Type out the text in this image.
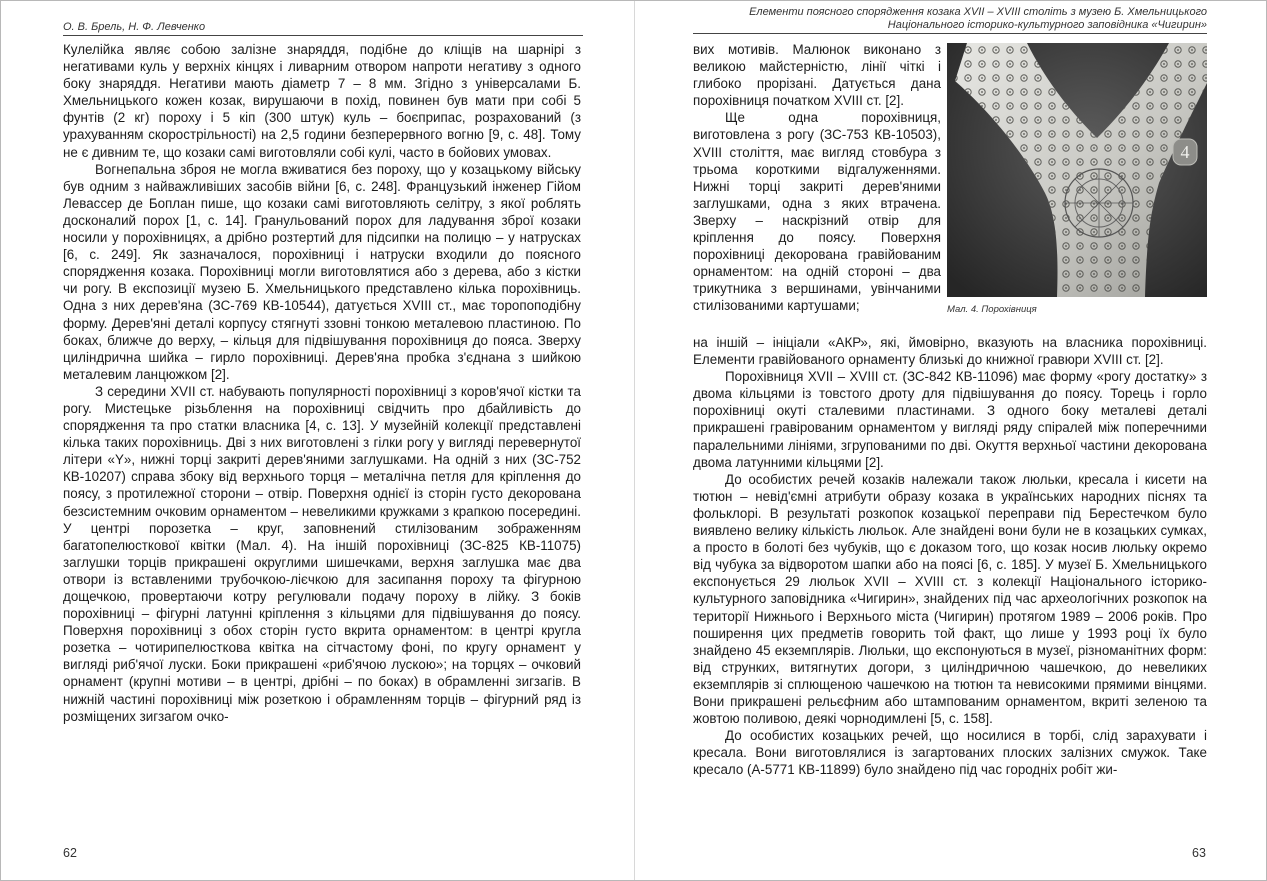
О. В. Брель, Н. Ф. Левченко

Кулелійка являє собою залізне знаряддя, подібне до кліщів на шарнірі з негативами куль у верхніх кінцях і ливарним отвором напроти негативу з одного боку знаряддя. Негативи мають діаметр 7 – 8 мм. Згідно з універсалами Б. Хмельницького кожен козак, вирушаючи в похід, повинен був мати при собі 5 фунтів (2 кг) пороху і 5 кіп (300 штук) куль – боєприпас, розрахований (з урахуванням скорострільності) на 2,5 години безперервного вогню [9, с. 48]. Тому не є дивним те, що козаки самі виготовляли собі кулі, часто в бойових умовах.

Вогнепальна зброя не могла вживатися без пороху, що у козацькому війську був одним з найважливіших засобів війни [6, с. 248]. Французький інженер Гійом Левассер де Боплан пише, що козаки самі виготовляють селітру, з якої роблять досконалий порох [1, с. 14]. Гранульований порох для ладування зброї козаки носили у порохівницях, а дрібно розтертий для підсипки на полицю – у натрусках [6, с. 249]. Як зазначалося, порохівниці і натруски входили до поясного спорядження козака. Порохівниці могли виготовлятися або з дерева, або з кістки чи рогу. В експозиції музею Б. Хмельницького представлено кілька порохівниць. Одна з них дерев'яна (ЗС-769 КВ-10544), датується XVIII ст., має торопоподібну форму. Дерев'яні деталі корпусу стягнуті ззовні тонкою металевою пластиною. По боках, ближче до верху, – кільця для підвішування порохівниця до пояса. Зверху циліндрична шийка – гирло порохівниці. Дерев'яна пробка з'єднана з шийкою металевим ланцюжком [2].

З середини XVII ст. набувають популярності порохівниці з коров'ячої кістки та рогу. Мистецьке різьблення на порохівниці свідчить про дбайливість до спорядження та про статки власника [4, с. 13]. У музейній колекції представлені кілька таких порохівниць. Дві з них виготовлені з гілки рогу у вигляді перевернутої літери «Y», нижні торці закриті дерев'яними заглушками. На одній з них (ЗС-752 КВ-10207) справа збоку від верхнього торця – металічна петля для кріплення до поясу, з протилежної сторони – отвір. Поверхня однієї із сторін густо декорована безсистемним очковим орнаментом – невеликими кружками з крапкою посередині. У центрі порозетка – круг, заповнений стилізованим зображенням багатопелюсткової квітки (Мал. 4). На іншій порохівниці (ЗС-825 КВ-11075) заглушки торців прикрашені округлими шишечками, верхня заглушка має два отвори із вставленими трубочкою-лієчкою для засипання пороху та фігурною дощечкою, провертаючи котру регулювали подачу пороху в лійку. З боків порохівниці – фігурні латунні кріплення з кільцями для підвішування до поясу. Поверхня порохівниці з обох сторін густо вкрита орнаментом: в центрі кругла розетка – чотирипелюсткова квітка на сітчастому фоні, по кругу орнамент у вигляді риб'ячої луски. Боки прикрашені «риб'ячою лускою»; на торцях – очковий орнамент (крупні мотиви – в центрі, дрібні – по боках) в обрамленні зигзагів. В нижній частині порохівниці між розеткою і обрамленням торців – фігурний ряд із розміщених зигзагом очко-

62
Елементи поясного спорядження козака XVII – XVIII століть з музею Б. Хмельницького
Національного історико-культурного заповідника «Чигирин»

вих мотивів. Малюнок виконано з великою майстерністю, лінії чіткі і глибоко прорізані. Датується дана порохівниця початком XVIII ст. [2].

Ще одна порохівниця, виготовлена з рогу (ЗС-753 КВ-10503), XVIII століття, має вигляд стовбура з трьома короткими відгалуженнями. Нижні торці закриті дерев'яними заглушками, одна з яких втрачена. Зверху – наскрізний отвір для кріплення до поясу. Поверхня порохівниці декорована гравійованим орнаментом: на одній стороні – два трикутника з вершинами, увінчаними стилізованими картушами;

4
Мал. 4. Порохівниця

на іншій – ініціали «АКР», які, ймовірно, вказують на власника порохівниці. Елементи гравійованого орнаменту близькі до книжної гравюри XVIII ст. [2].

Порохівниця XVII – XVIII ст. (ЗС-842 КВ-11096) має форму «рогу достатку» з двома кільцями із товстого дроту для підвішування до поясу. Торець і горло порохівниці окуті сталевими пластинами. З одного боку металеві деталі прикрашені гравірованим орнаментом у вигляді ряду спіралей між поперечними паралельними лініями, згрупованими по дві. Окуття верхньої частини декорована двома латунними кільцями [2].

До особистих речей козаків належали також люльки, кресала і кисети на тютюн – невід'ємні атрибути образу козака в українських народних піснях та фольклорі. В результаті розкопок козацької переправи під Берестечком було виявлено велику кількість люльок. Але знайдені вони були не в козацьких сумках, а просто в болоті без чубуків, що є доказом того, що козак носив люльку окремо від чубука за відворотом шапки або на поясі [6, с. 185]. У музеї Б. Хмельницького експонується 29 люльок XVII – XVIII ст. з колекції Національного історико-культурного заповідника «Чигирин», знайдених під час археологічних розкопок на території Нижнього і Верхнього міста (Чигирин) протягом 1989 – 2006 років. Про поширення цих предметів говорить той факт, що лише у 1993 році їх було знайдено 45 екземплярів. Люльки, що експонуються в музеї, різноманітних форм: від струнких, витягнутих догори, з циліндричною чашечкою, до невеликих екземплярів зі сплющеною чашечкою на тютюн та невисокими прямими вінцями. Вони прикрашені рельєфним або штампованим орнаментом, вкриті зеленою та жовтою поливою, деякі чорнодимлені [5, с. 158].

До особистих козацьких речей, що носилися в торбі, слід зарахувати і кресала. Вони виготовлялися із загартованих плоских залізних смужок. Таке кресало (А-5771 КВ-11899) було знайдено під час городніх робіт жи-

63
